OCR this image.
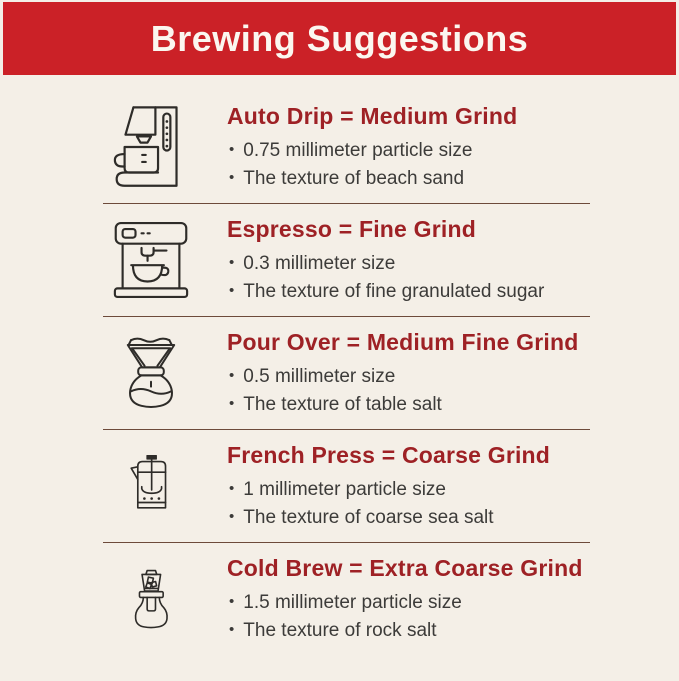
Brewing Suggestions
Auto Drip = Medium Grind
• 0.75 millimeter particle size
• The texture of beach sand
Espresso = Fine Grind
• 0.3 millimeter size
• The texture of fine granulated sugar
Pour Over = Medium Fine Grind
• 0.5 millimeter size
• The texture of table salt
French Press = Coarse Grind
• 1 millimeter particle size
• The texture of coarse sea salt
Cold Brew = Extra Coarse Grind
• 1.5 millimeter particle size
• The texture of rock salt
